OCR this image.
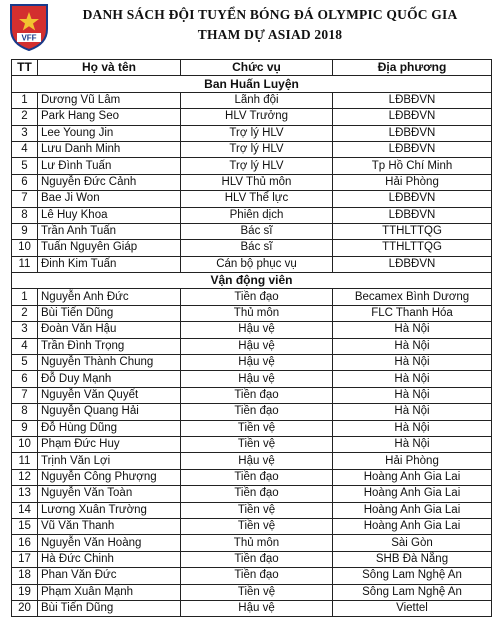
VFF
DANH SÁCH ĐỘI TUYỂN BÓNG ĐÁ OLYMPIC QUỐC GIA
THAM DỰ ASIAD 2018
TT	Họ và tên	Chức vụ	Địa phương
Ban Huấn Luyện			
1	Dương Vũ Lâm	Lãnh đội	LĐBĐVN
2	Park Hang Seo	HLV Trưởng	LĐBĐVN
3	Lee Young Jin	Trợ lý HLV	LĐBĐVN
4	Lưu Danh Minh	Trợ lý HLV	LĐBĐVN
5	Lư Đình Tuấn	Trợ lý HLV	Tp Hồ Chí Minh
6	Nguyễn Đức Cảnh	HLV Thủ môn	Hải Phòng
7	Bae Ji Won	HLV Thể lực	LĐBĐVN
8	Lê Huy Khoa	Phiên dịch	LĐBĐVN
9	Trần Anh Tuấn	Bác sĩ	TTHLTTQG
10	Tuấn Nguyên Giáp	Bác sĩ	TTHLTTQG
11	Đinh Kim Tuấn	Cán bộ phục vụ	LĐBĐVN
Vận động viên			
1	Nguyễn Anh Đức	Tiền đạo	Becamex Bình Dương
2	Bùi Tiến Dũng	Thủ môn	FLC Thanh Hóa
3	Đoàn Văn Hậu	Hậu vệ	Hà Nội
4	Trần Đình Trọng	Hậu vệ	Hà Nội
5	Nguyễn Thành Chung	Hậu vệ	Hà Nội
6	Đỗ Duy Mạnh	Hậu vệ	Hà Nội
7	Nguyễn Văn Quyết	Tiền đạo	Hà Nội
8	Nguyễn Quang Hải	Tiền đạo	Hà Nội
9	Đỗ Hùng Dũng	Tiền vệ	Hà Nội
10	Phạm Đức Huy	Tiền vệ	Hà Nội
11	Trịnh Văn Lợi	Hậu vệ	Hải Phòng
12	Nguyễn Công Phượng	Tiền đạo	Hoàng Anh Gia Lai
13	Nguyễn Văn Toàn	Tiền đạo	Hoàng Anh Gia Lai
14	Lương Xuân Trường	Tiền vệ	Hoàng Anh Gia Lai
15	Vũ Văn Thanh	Tiền vệ	Hoàng Anh Gia Lai
16	Nguyễn Văn Hoàng	Thủ môn	Sài Gòn
17	Hà Đức Chinh	Tiền đạo	SHB Đà Nẵng
18	Phan Văn Đức	Tiền đạo	Sông Lam Nghệ An
19	Phạm Xuân Mạnh	Tiền vệ	Sông Lam Nghệ An
20	Bùi Tiến Dũng	Hậu vệ	Viettel
